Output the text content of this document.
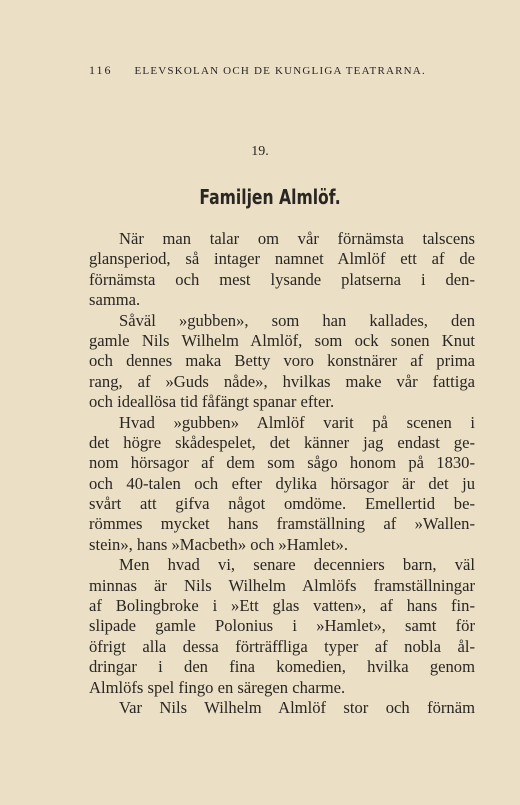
116 ELEVSKOLAN OCH DE KUNGLIGA TEATRARNA.
19.
Familjen Almlöf.
När man talar om vår förnämsta talscens
glansperiod, så intager namnet Almlöf ett af de
förnämsta och mest lysande platserna i den-
samma.
Såväl »gubben», som han kallades, den
gamle Nils Wilhelm Almlöf, som ock sonen Knut
och dennes maka Betty voro konstnärer af prima
rang, af »Guds nåde», hvilkas make vår fattiga
och ideallösa tid fåfängt spanar efter.
Hvad »gubben» Almlöf varit på scenen i
det högre skådespelet, det känner jag endast ge-
nom hörsagor af dem som sågo honom på 1830-
och 40-talen och efter dylika hörsagor är det ju
svårt att gifva något omdöme. Emellertid be-
römmes mycket hans framställning af »Wallen-
stein», hans »Macbeth» och »Hamlet».
Men hvad vi, senare decenniers barn, väl
minnas är Nils Wilhelm Almlöfs framställningar
af Bolingbroke i »Ett glas vatten», af hans fin-
slipade gamle Polonius i »Hamlet», samt för
öfrigt alla dessa förträffliga typer af nobla ål-
dringar i den fina komedien, hvilka genom
Almlöfs spel fingo en säregen charme.
Var Nils Wilhelm Almlöf stor och förnäm
